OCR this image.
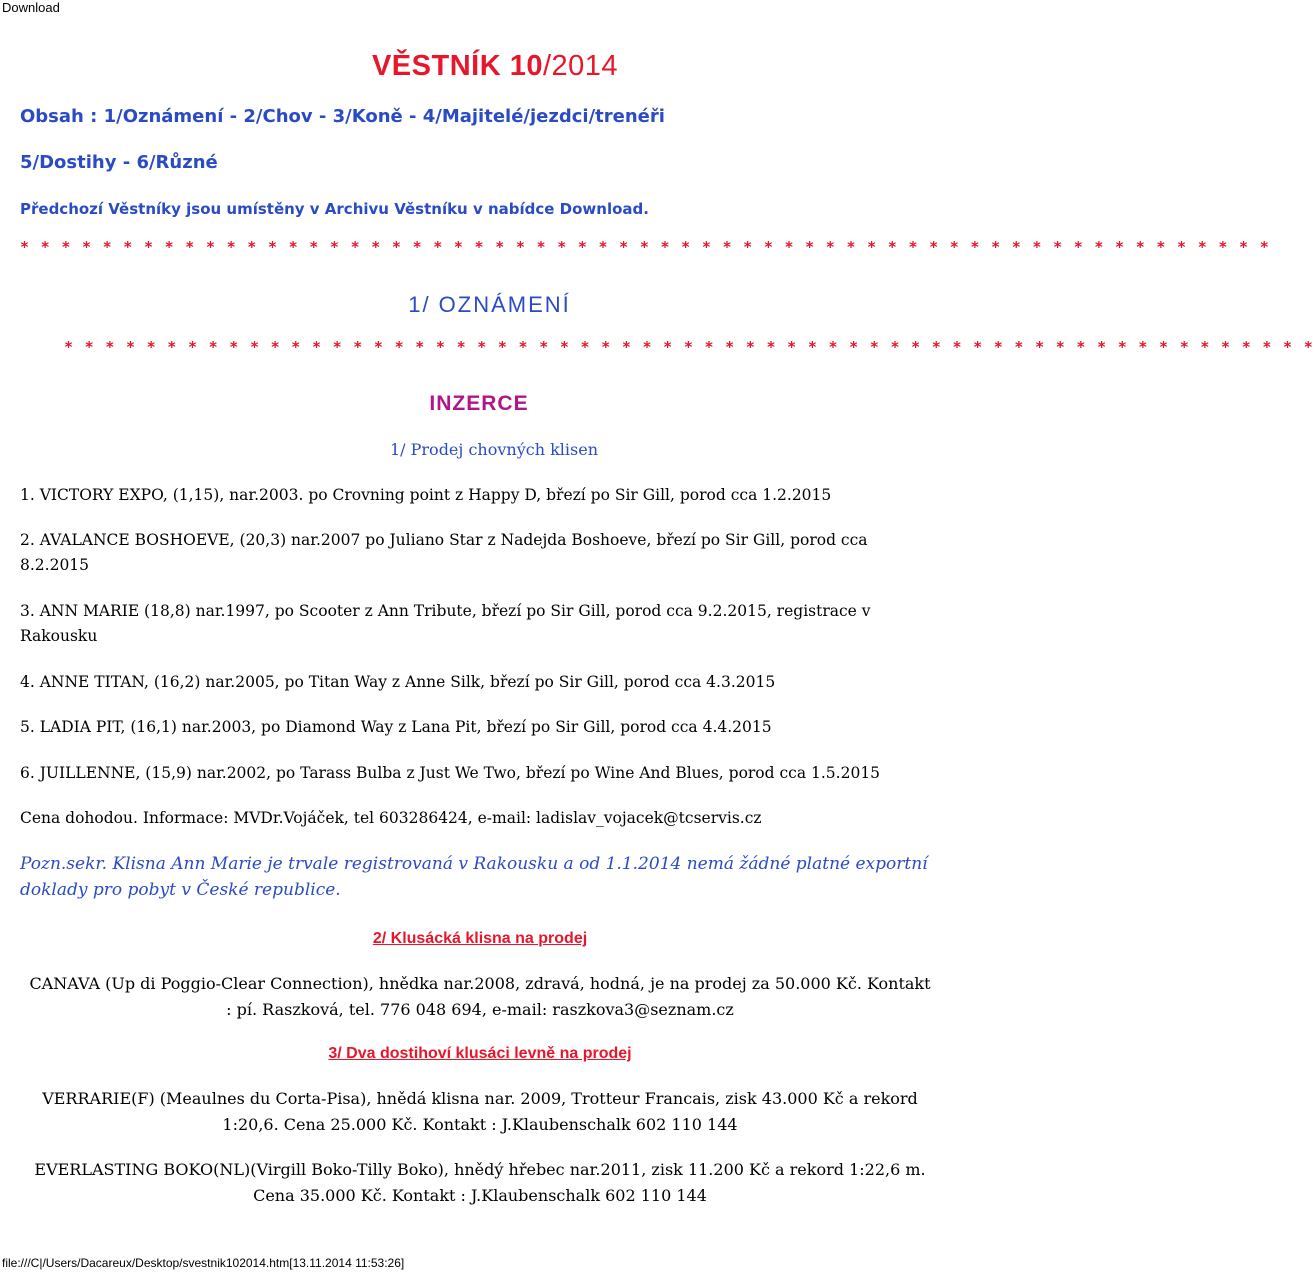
Download
VĚSTNÍK 10/2014
Obsah : 1/Oznámení - 2/Chov - 3/Koně - 4/Majitelé/jezdci/trenéři
5/Dostihy - 6/Různé
Předchozí Věstníky jsou umístěny v Archivu Věstníku v nabídce Download.
* * * * * * * * * * * * * * * * * * * * * * * * * * * * * * * * * * * * * * * * * * * * * * * * * * * * * * * * * * * * *
1/ OZNÁMENÍ
* * * * * * * * * * * * * * * * * * * * * * * * * * * * * * * * * * * * * * * * * * * * * * * * * * * * * * * * * * * * *
INZERCE
1/ Prodej chovných klisen
1. VICTORY EXPO, (1,15), nar.2003. po Crovning point z Happy D, březí po Sir Gill, porod cca 1.2.2015
2. AVALANCE BOSHOEVE, (20,3) nar.2007 po Juliano Star z Nadejda Boshoeve, březí po Sir Gill, porod cca
8.2.2015
3. ANN MARIE (18,8) nar.1997, po Scooter z Ann Tribute, březí po Sir Gill, porod cca 9.2.2015, registrace v
Rakousku
4. ANNE TITAN, (16,2) nar.2005, po Titan Way z Anne Silk, březí po Sir Gill, porod cca 4.3.2015
5. LADIA PIT, (16,1) nar.2003, po Diamond Way z Lana Pit, březí po Sir Gill, porod cca 4.4.2015
6. JUILLENNE, (15,9) nar.2002, po Tarass Bulba z Just We Two, březí po Wine And Blues, porod cca 1.5.2015
Cena dohodou. Informace: MVDr.Vojáček, tel 603286424, e-mail: ladislav_vojacek@tcservis.cz
Pozn.sekr. Klisna Ann Marie je trvale registrovaná v Rakousku a od 1.1.2014 nemá žádné platné exportní doklady pro pobyt v České republice.
2/ Klusácká klisna na prodej
CANAVA (Up di Poggio-Clear Connection), hnědka nar.2008, zdravá, hodná, je na prodej za 50.000 Kč. Kontakt
: pí. Raszková, tel. 776 048 694, e-mail: raszkova3@seznam.cz
3/ Dva dostihoví klusáci levně na prodej
VERRARIE(F) (Meaulnes du Corta-Pisa), hnědá klisna nar. 2009, Trotteur Francais, zisk 43.000 Kč a rekord
1:20,6. Cena 25.000 Kč. Kontakt : J.Klaubenschalk 602 110 144
EVERLASTING BOKO(NL)(Virgill Boko-Tilly Boko), hnědý hřebec nar.2011, zisk 11.200 Kč a rekord 1:22,6 m.
Cena 35.000 Kč. Kontakt : J.Klaubenschalk 602 110 144
file:///C|/Users/Dacareux/Desktop/svestnik102014.htm[13.11.2014 11:53:26]
